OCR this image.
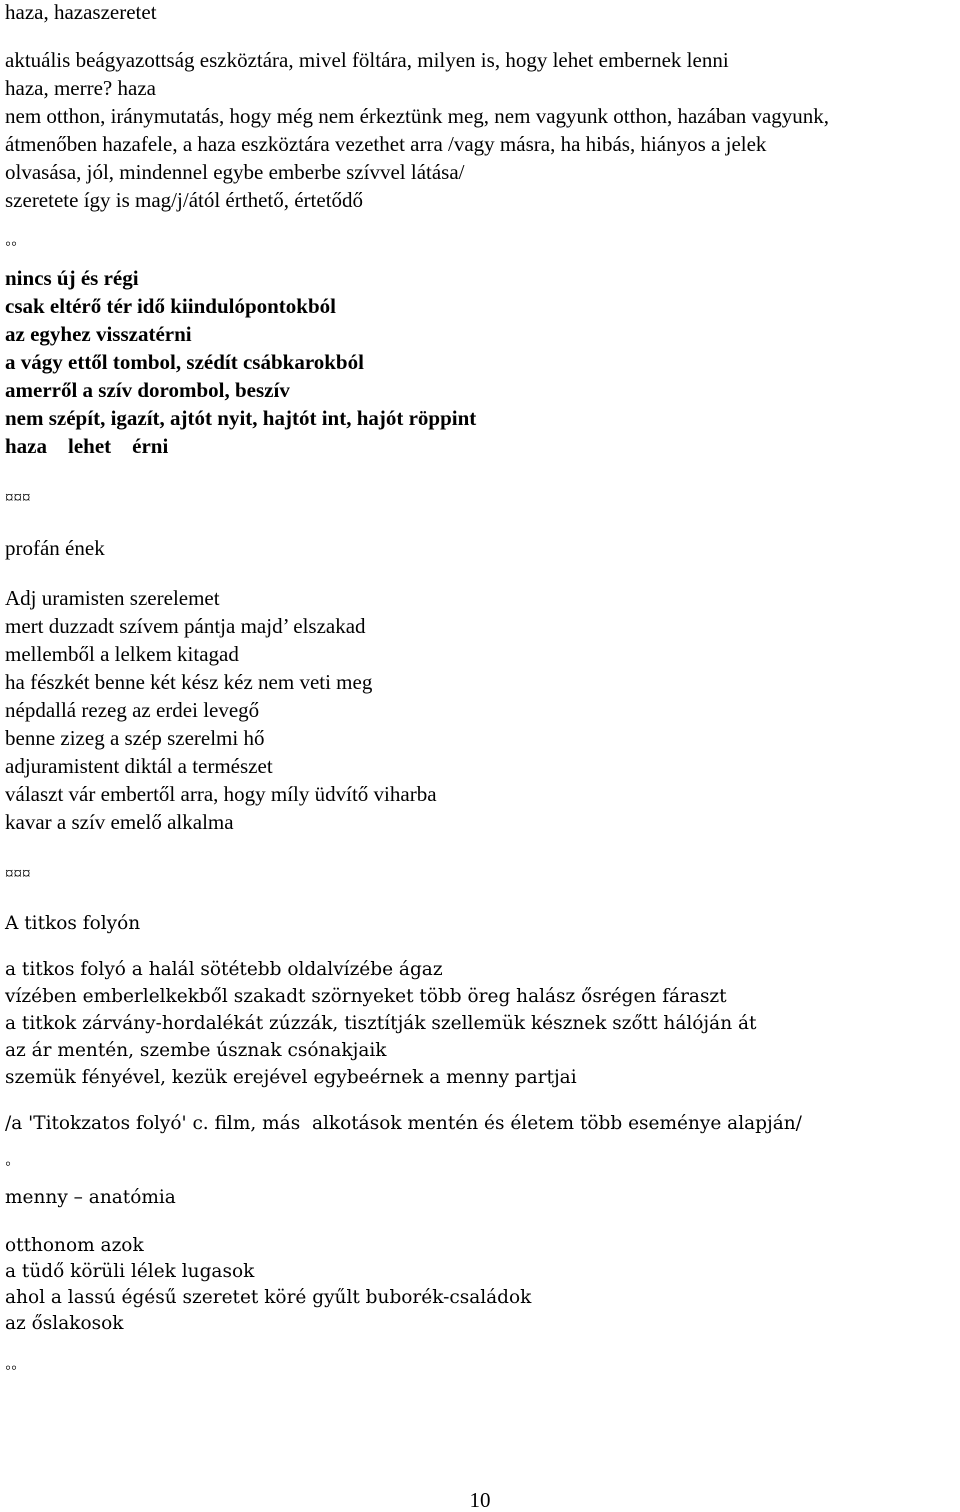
haza, hazaszeretet
aktuális beágyazottság eszköztára, mivel föltára, milyen is, hogy lehet embernek lenni
haza, merre? haza
nem otthon, iránymutatás, hogy még nem érkeztünk meg, nem vagyunk otthon, hazában vagyunk,
átmenőben hazafele, a haza eszköztára vezethet arra /vagy másra, ha hibás, hiányos a jelek
olvasása, jól, mindennel egybe emberbe szívvel látása/
szeretete így is mag/j/ától érthető, értetődő
◦◦
nincs új és régi
csak eltérő tér idő kiindulópontokból
az egyhez visszatérni
a vágy ettől tombol, szédít csábkarokból
amerről a szív dorombol, beszív
nem szépít, igazít, ajtót nyit, hajtót int, hajót röppint
haza    lehet    érni
¤¤¤
profán ének
Adj uramisten szerelemet
mert duzzadt szívem pántja majd’ elszakad
mellemből a lelkem kitagad
ha fészkét benne két kész kéz nem veti meg
népdallá rezeg az erdei levegő
benne zizeg a szép szerelmi hő
adjuramistent diktál a természet
választ vár embertől arra, hogy míly üdvítő viharba
kavar a szív emelő alkalma
¤¤¤
A titkos folyón
a titkos folyó a halál sötétebb oldalvízébe ágaz
vízében emberlelkekből szakadt szörnyeket több öreg halász ősrégen fáraszt
a titkok zárvány-hordalékát zúzzák, tisztítják szellemük késznek szőtt hálóján át
az ár mentén, szembe úsznak csónakjaik
szemük fényével, kezük erejével egybeérnek a menny partjai
/a 'Titokzatos folyó' c. film, más  alkotások mentén és életem több eseménye alapján/
◦
menny – anatómia
otthonom azok
a tüdő körüli lélek lugasok
ahol a lassú égésű szeretet köré gyűlt buborék-családok
az őslakosok
◦◦
10
